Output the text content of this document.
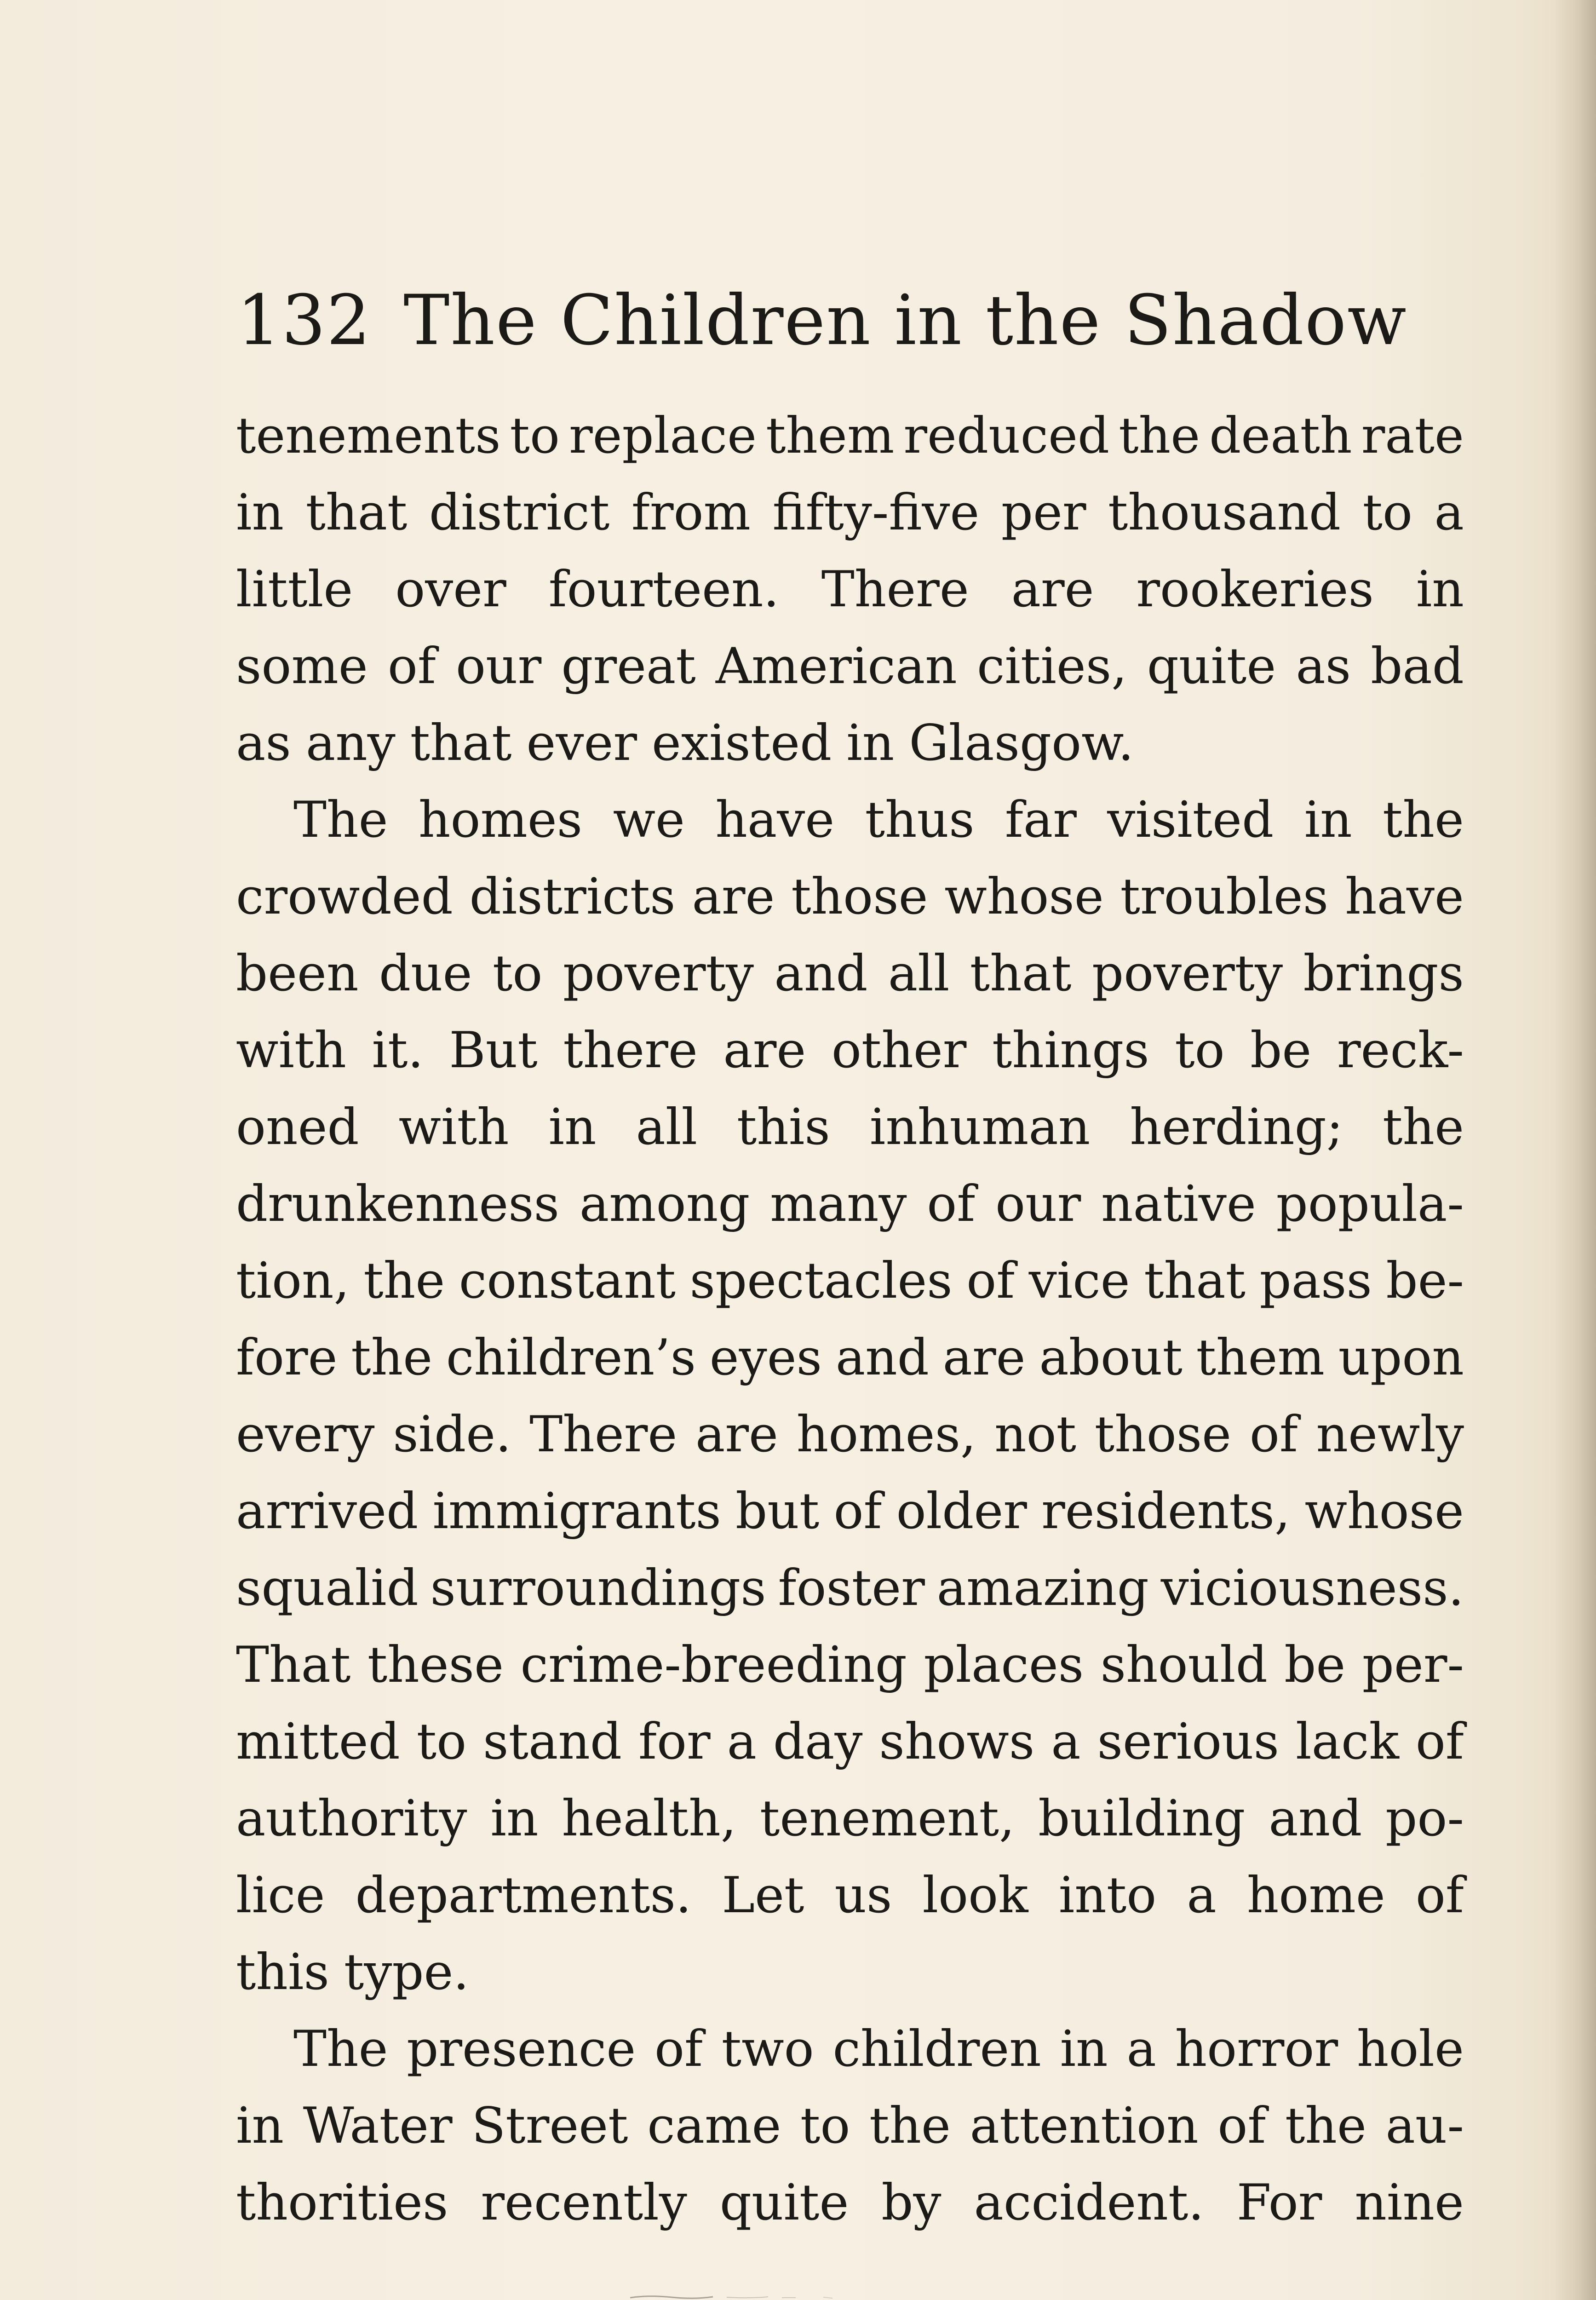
132 The Children in the Shadow
tenements to replace them reduced the death rate
in that district from fifty-five per thousand to a
little over fourteen. There are rookeries in
some of our great American cities, quite as bad
as any that ever existed in Glasgow.
The homes we have thus far visited in the
crowded districts are those whose troubles have
been due to poverty and all that poverty brings
with it. But there are other things to be reck-
oned with in all this inhuman herding; the
drunkenness among many of our native popula-
tion, the constant spectacles of vice that pass be-
fore the children’s eyes and are about them upon
every side. There are homes, not those of newly
arrived immigrants but of older residents, whose
squalid surroundings foster amazing viciousness.
That these crime-breeding places should be per-
mitted to stand for a day shows a serious lack of
authority in health, tenement, building and po-
lice departments. Let us look into a home of
this type.
The presence of two children in a horror hole
in Water Street came to the attention of the au-
thorities recently quite by accident. For nine
